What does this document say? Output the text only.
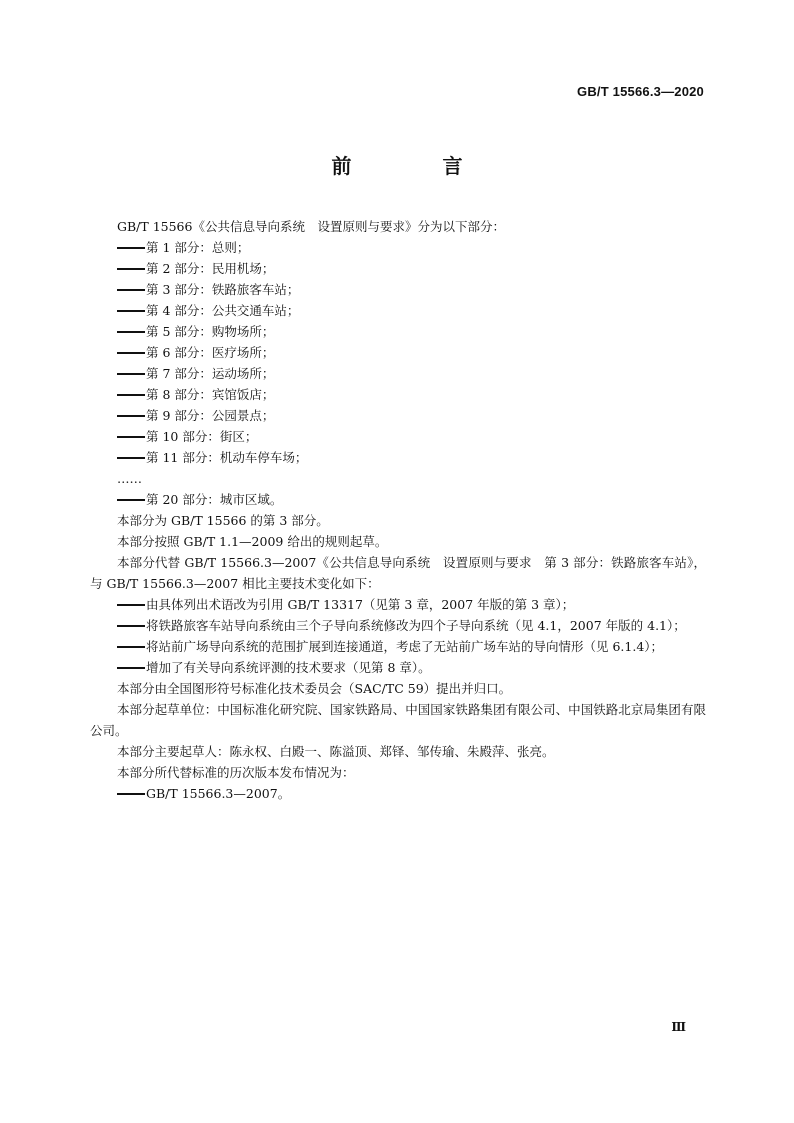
GB/T 15566.3—2020
前 言

GB/T 15566《公共信息导向系统　设置原则与要求》分为以下部分：

第 1 部分：总则；
第 2 部分：民用机场；
第 3 部分：铁路旅客车站；
第 4 部分：公共交通车站；
第 5 部分：购物场所；
第 6 部分：医疗场所；
第 7 部分：运动场所；
第 8 部分：宾馆饭店；
第 9 部分：公园景点；
第 10 部分：街区；
第 11 部分：机动车停车场；
……
第 20 部分：城市区域。

本部分为 GB/T 15566 的第 3 部分。

本部分按照 GB/T 1.1—2009 给出的规则起草。

本部分代替 GB/T 15566.3—2007《公共信息导向系统　设置原则与要求　第 3 部分：铁路旅客车站》，与 GB/T 15566.3—2007 相比主要技术变化如下：

由具体列出术语改为引用 GB/T 13317（见第 3 章，2007 年版的第 3 章）；
将铁路旅客车站导向系统由三个子导向系统修改为四个子导向系统（见 4.1，2007 年版的 4.1）；
将站前广场导向系统的范围扩展到连接通道，考虑了无站前广场车站的导向情形（见 6.1.4）；
增加了有关导向系统评测的技术要求（见第 8 章）。

本部分由全国图形符号标准化技术委员会（SAC/TC 59）提出并归口。

本部分起草单位：中国标准化研究院、国家铁路局、中国国家铁路集团有限公司、中国铁路北京局集团有限公司。

本部分主要起草人：陈永权、白殿一、陈溢顶、郑铎、邹传瑜、朱殿萍、张亮。

本部分所代替标准的历次版本发布情况为：

GB/T 15566.3—2007。
Ⅲ
